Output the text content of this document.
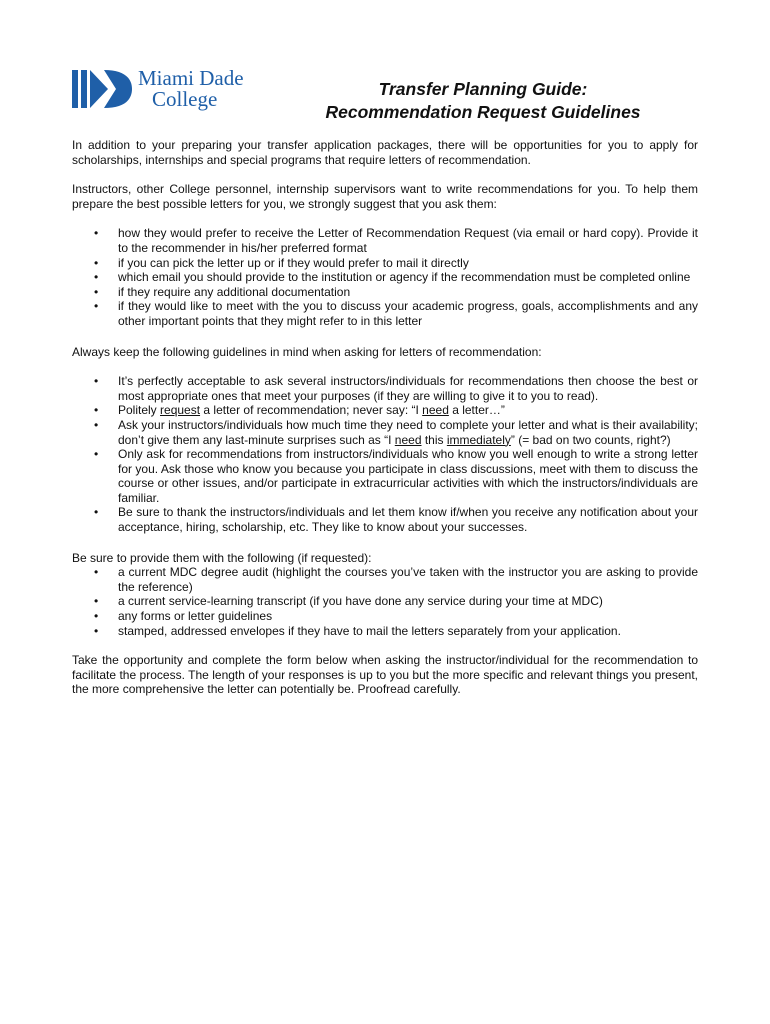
Miami Dade
College	Transfer Planning Guide:
Recommendation Request Guidelines

In addition to your preparing your transfer application packages, there will be opportunities for you to apply for scholarships, internships and special programs that require letters of recommendation.

Instructors, other College personnel, internship supervisors want to write recommendations for you. To help them prepare the best possible letters for you, we strongly suggest that you ask them:

• how they would prefer to receive the Letter of Recommendation Request (via email or hard copy). Provide it to the recommender in his/her preferred format
• if you can pick the letter up or if they would prefer to mail it directly
• which email you should provide to the institution or agency if the recommendation must be completed online
• if they require any additional documentation
• if they would like to meet with the you to discuss your academic progress, goals, accomplishments and any other important points that they might refer to in this letter

Always keep the following guidelines in mind when asking for letters of recommendation:

• It’s perfectly acceptable to ask several instructors/individuals for recommendations then choose the best or most appropriate ones that meet your purposes (if they are willing to give it to you to read).
• Politely request a letter of recommendation; never say: “I need a letter…”
• Ask your instructors/individuals how much time they need to complete your letter and what is their availability; don’t give them any last-minute surprises such as “I need this immediately” (= bad on two counts, right?)
• Only ask for recommendations from instructors/individuals who know you well enough to write a strong letter for you. Ask those who know you because you participate in class discussions, meet with them to discuss the course or other issues, and/or participate in extracurricular activities with which the instructors/individuals are familiar.
• Be sure to thank the instructors/individuals and let them know if/when you receive any notification about your acceptance, hiring, scholarship, etc. They like to know about your successes.

Be sure to provide them with the following (if requested):

• a current MDC degree audit (highlight the courses you’ve taken with the instructor you are asking to provide the reference)
• a current service-learning transcript (if you have done any service during your time at MDC)
• any forms or letter guidelines
• stamped, addressed envelopes if they have to mail the letters separately from your application.

Take the opportunity and complete the form below when asking the instructor/individual for the recommendation to facilitate the process. The length of your responses is up to you but the more specific and relevant things you present, the more comprehensive the letter can potentially be. Proofread carefully.
